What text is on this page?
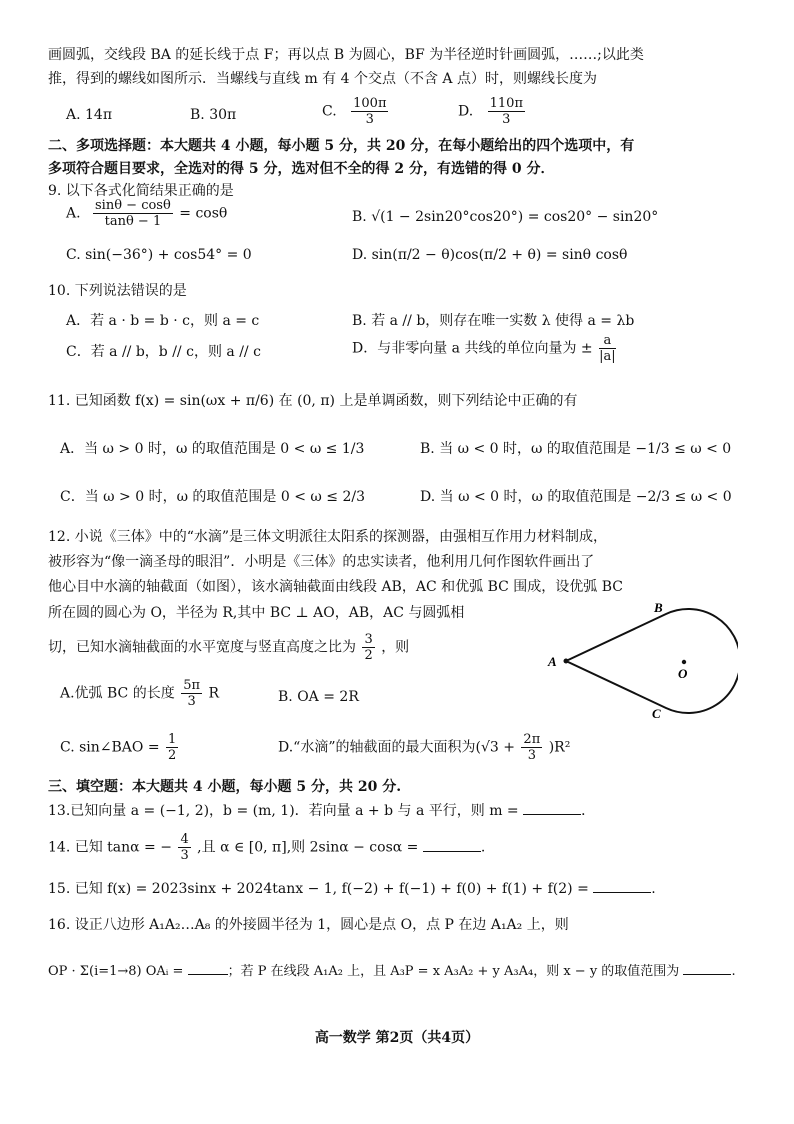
画圆弧，交线段 BA 的延长线于点 F；再以点 B 为圆心，BF 为半径逆时针画圆弧，……;以此类
推，得到的螺线如图所示．当螺线与直线 m 有 4 个交点（不含 A 点）时，则螺线长度为
A. 14π	B. 30π	C. $\frac{100\pi}{3}$	D. $\frac{110\pi}{3}$
二、多项选择题：本大题共 4 小题，每小题 5 分，共 20 分，在每小题给出的四个选项中，有
多项符合题目要求，全选对的得 5 分，选对但不全的得 2 分，有选错的得 0 分．
9. 以下各式化简结果正确的是
A. $\frac{\sin\theta - \cos\theta}{\tan\theta - 1} = \cos\theta$	B. √(1 − 2sin20°cos20°) = cos20° − sin20°
C. sin(−36°) + cos54° = 0	D. sin(π/2 − θ)cos(π/2 + θ) = sinθ cosθ
10. 下列说法错误的是
A．若 a · b = b · c，则 a = c	B. 若 a // b，则存在唯一实数 λ 使得 a = λb
C．若 a // b，b // c，则 a // c	D．与非零向量 a 共线的单位向量为 ± $\frac{a}{|a|}$
11. 已知函数 f(x) = sin(ωx + π/6) 在 (0, π) 上是单调函数，则下列结论中正确的有
A．当 ω > 0 时，ω 的取值范围是 0 < ω ≤ 1/3	B. 当 ω < 0 时，ω 的取值范围是 −1/3 ≤ ω < 0
C．当 ω > 0 时，ω 的取值范围是 0 < ω ≤ 2/3	D. 当 ω < 0 时，ω 的取值范围是 −2/3 ≤ ω < 0
12. 小说《三体》中的“水滴”是三体文明派往太阳系的探测器，由强相互作用力材料制成，
被形容为“像一滴圣母的眼泪”．小明是《三体》的忠实读者，他利用几何作图软件画出了
他心目中水滴的轴截面（如图），该水滴轴截面由线段 AB，AC 和优弧 BC 围成，设优弧 BC
所在圆的圆心为 O，半径为 R,其中 BC ⊥ AO，AB，AC 与圆弧相
切，已知水滴轴截面的水平宽度与竖直高度之比为 $\frac{3}{2}$ ，则
A.优弧 BC 的长度 $\frac{5\pi}{3}$ R	B. OA = 2R
C. sin∠BAO = $\frac{1}{2}$	D.“水滴”的轴截面的最大面积为$(√3 + \frac{2\pi}{3} )R^2$
A
B
C
O
三、填空题：本大题共 4 小题，每小题 5 分，共 20 分.
13.已知向量 a = (−1, 2)，b = (m, 1)．若向量 a + b 与 a 平行，则 m =	．
14. 已知 tanα = − $\frac{4}{3}$ ,且 α ∈ [0, π],则 2sinα − cosα =	.
15. 已知 f(x) = 2023sinx + 2024tanx − 1, f(−2) + f(−1) + f(0) + f(1) + f(2) =	.
16. 设正八边形 A₁A₂…A₈ 的外接圆半径为 1，圆心是点 O，点 P 在边 A₁A₂ 上，则
OP · Σ(i=1→8) OAᵢ =	；若 P 在线段 A₁A₂ 上，且 A₃P = x A₃A₂ + y A₃A₄，则 x − y 的取值范围为	.
高一数学 第2页（共4页）
